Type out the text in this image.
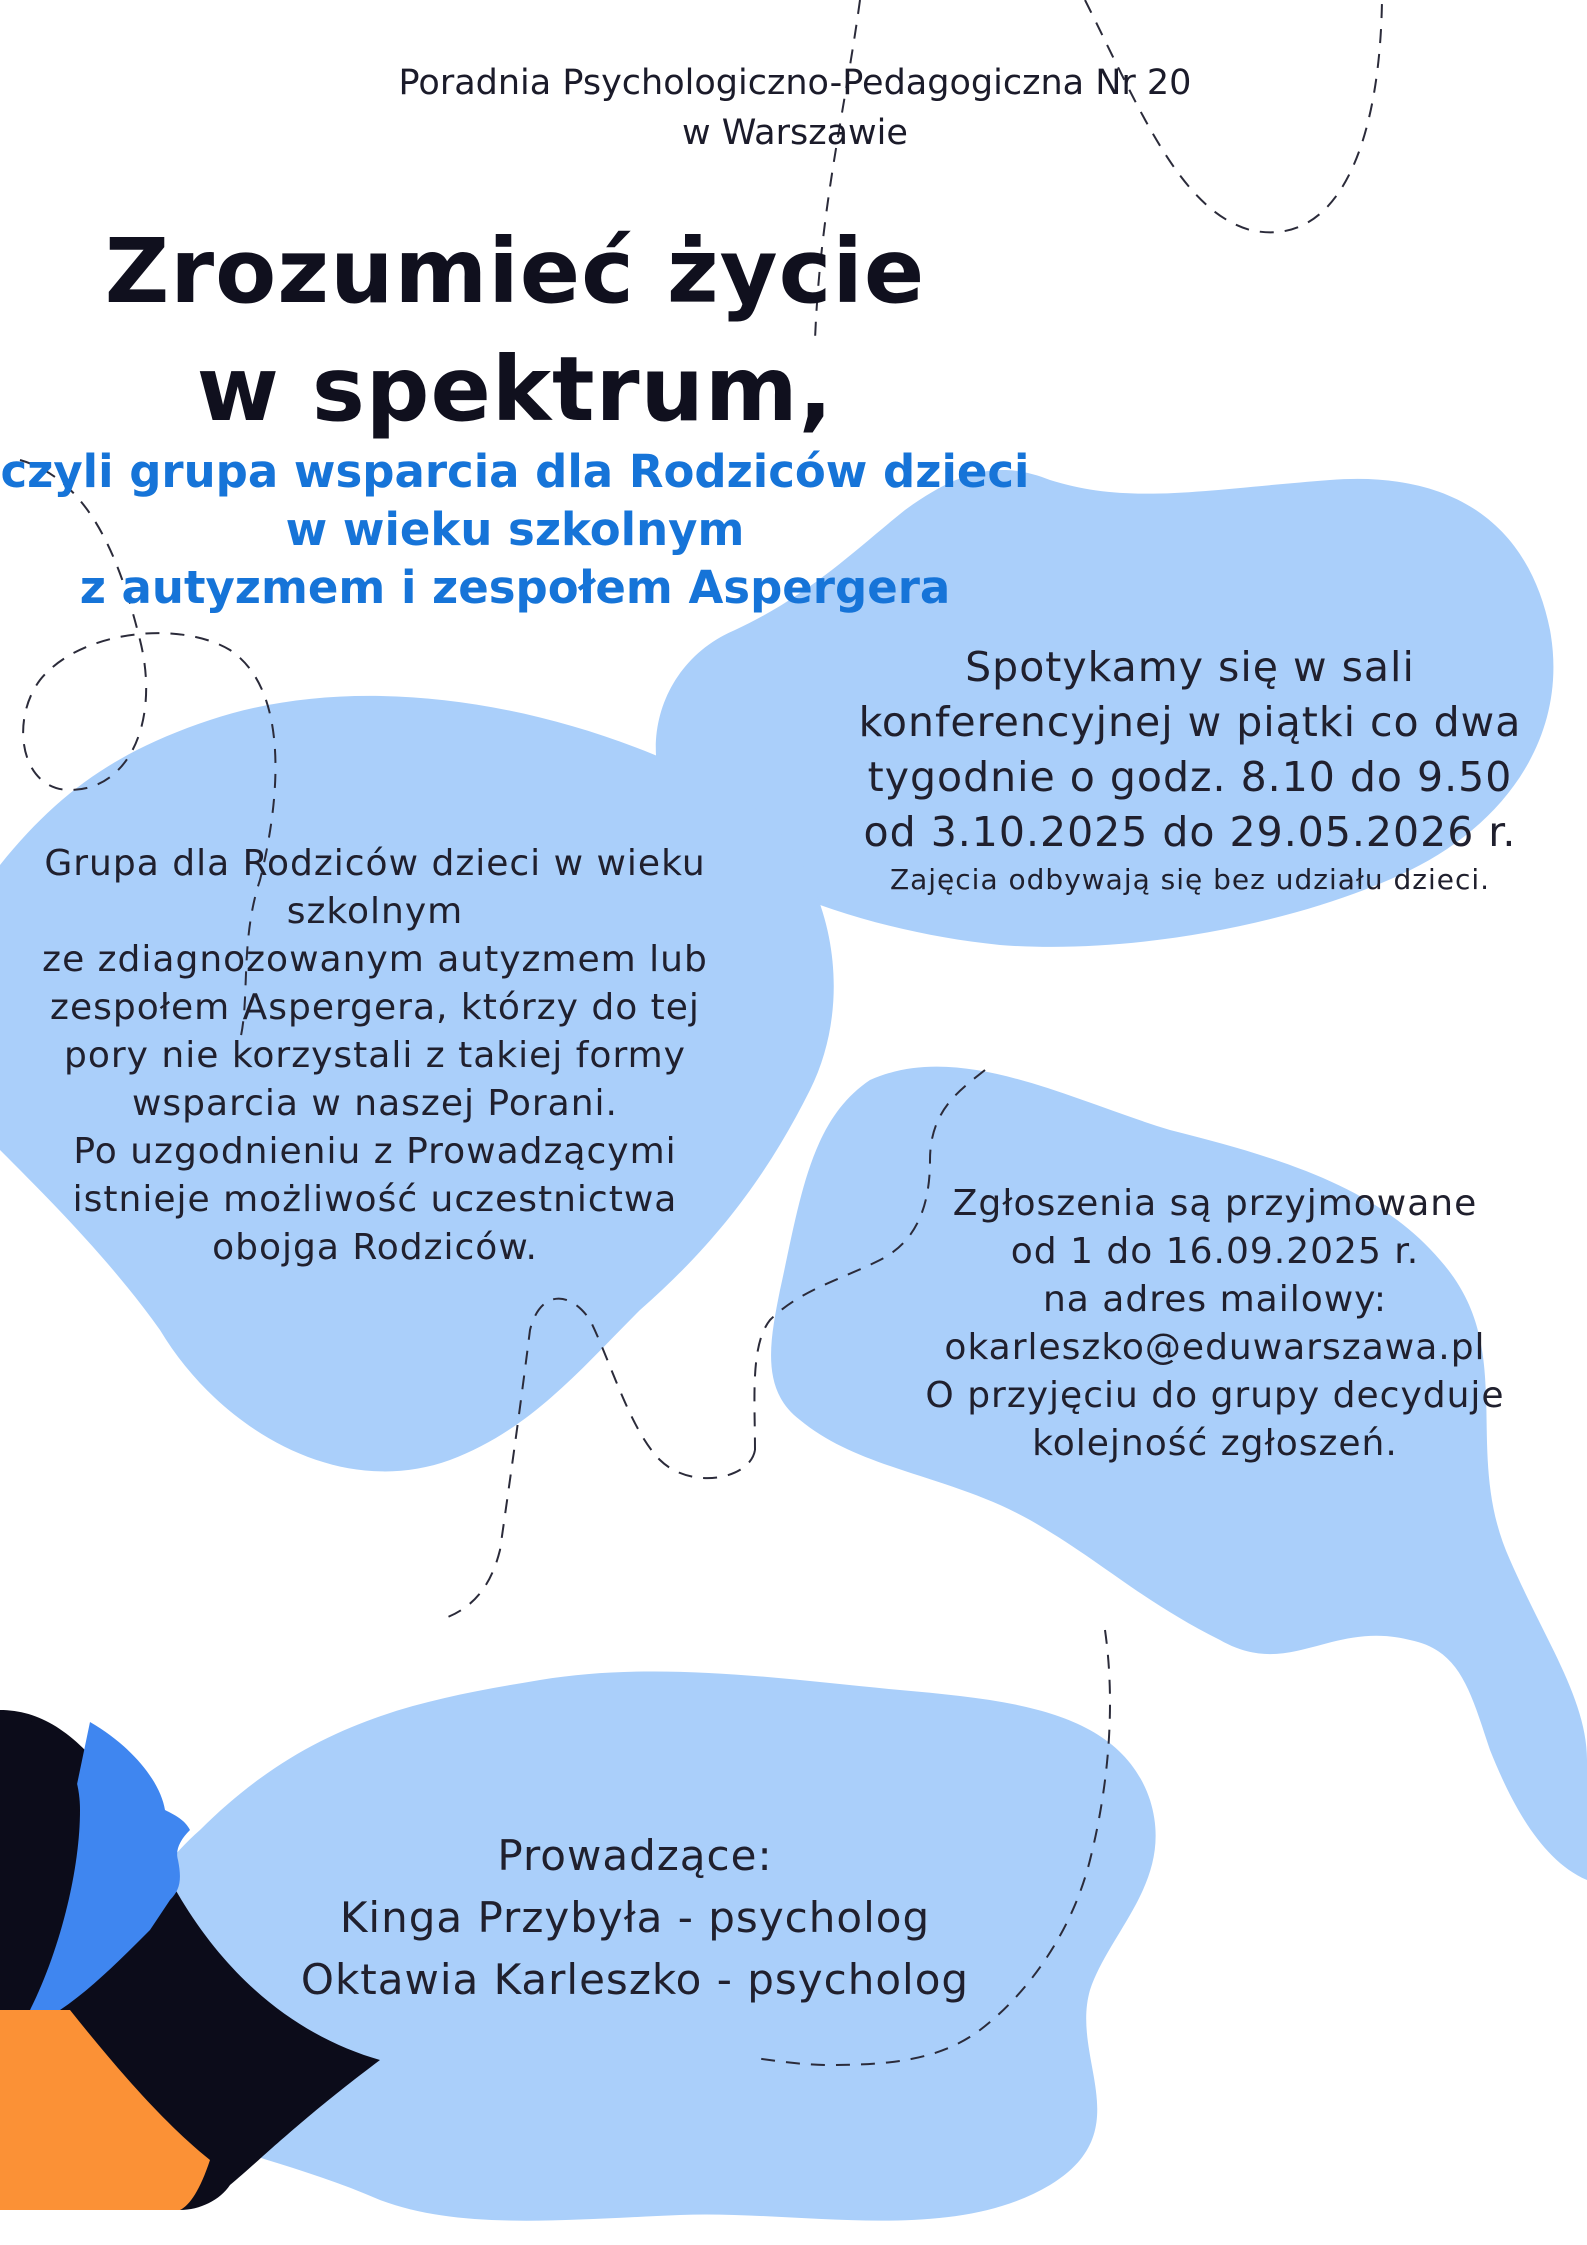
Poradnia Psychologiczno-Pedagogiczna Nr 20
w Warszawie
Zrozumieć życie
w spektrum,
czyli grupa wsparcia dla Rodziców dzieci
w wieku szkolnym
z autyzmem i zespołem Aspergera
Spotykamy się w sali
konferencyjnej w piątki co dwa
tygodnie o godz. 8.10 do 9.50
od 3.10.2025 do 29.05.2026 r.
Zajęcia odbywają się bez udziału dzieci.
Grupa dla Rodziców dzieci w wieku
szkolnym
ze zdiagnozowanym autyzmem lub
zespołem Aspergera, którzy do tej
pory nie korzystali z takiej formy
wsparcia w naszej Porani.
Po uzgodnieniu z Prowadzącymi
istnieje możliwość uczestnictwa
obojga Rodziców.
Zgłoszenia są przyjmowane
od 1 do 16.09.2025 r.
na adres mailowy:
okarleszko@eduwarszawa.pl
O przyjęciu do grupy decyduje
kolejność zgłoszeń.
Prowadzące:
Kinga Przybyła - psycholog
Oktawia Karleszko - psycholog
